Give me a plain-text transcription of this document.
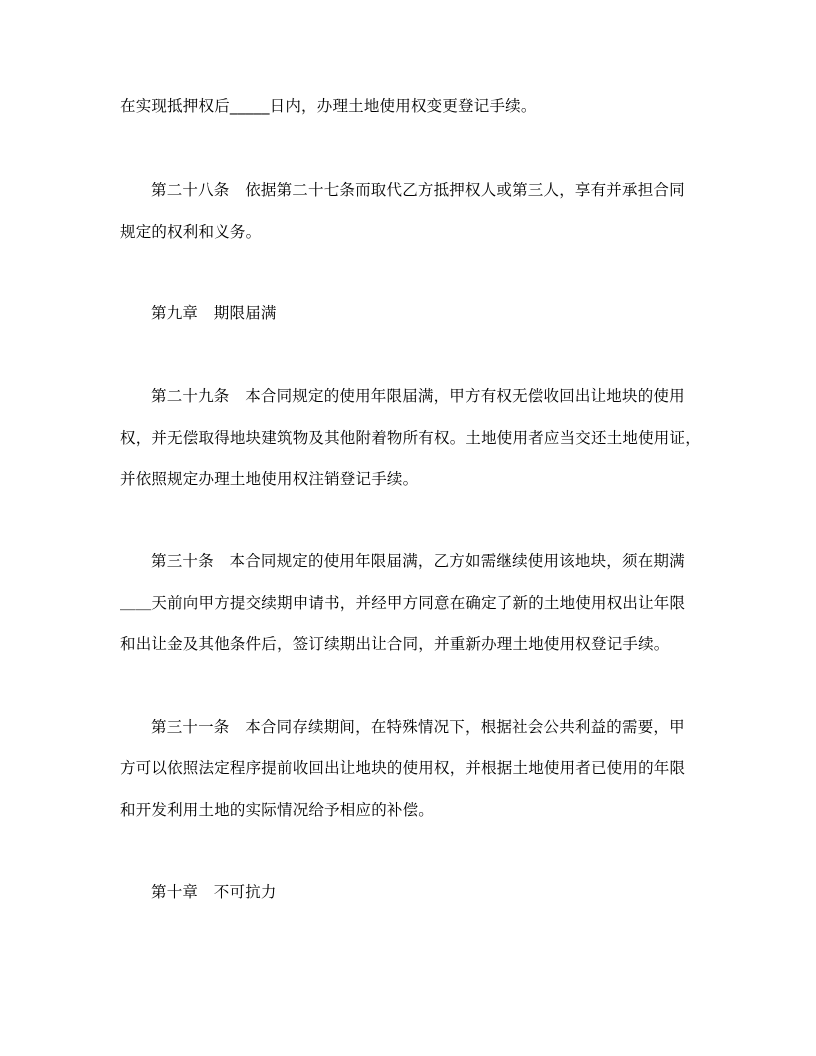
在实现抵押权后_____日内，办理土地使用权变更登记手续。
第二十八条　依据第二十七条而取代乙方抵押权人或第三人，享有并承担合同
规定的权利和义务。
第九章　期限届满
第二十九条　本合同规定的使用年限届满，甲方有权无偿收回出让地块的使用
权，并无偿取得地块建筑物及其他附着物所有权。土地使用者应当交还土地使用证，
并依照规定办理土地使用权注销登记手续。
第三十条　本合同规定的使用年限届满，乙方如需继续使用该地块，须在期满
＿＿天前向甲方提交续期申请书，并经甲方同意在确定了新的土地使用权出让年限
和出让金及其他条件后，签订续期出让合同，并重新办理土地使用权登记手续。
第三十一条　本合同存续期间，在特殊情况下，根据社会公共利益的需要，甲
方可以依照法定程序提前收回出让地块的使用权，并根据土地使用者已使用的年限
和开发利用土地的实际情况给予相应的补偿。
第十章　不可抗力
